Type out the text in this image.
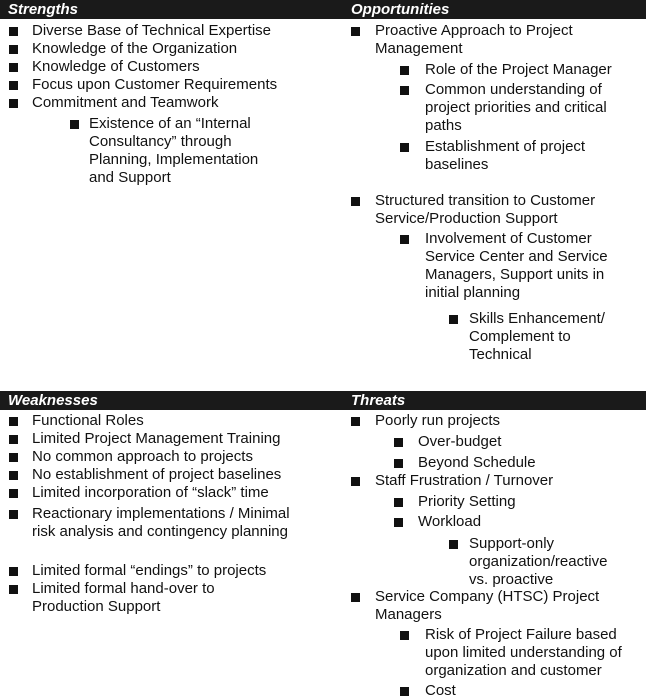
Strengths	Opportunities
Weaknesses	Threats
Diverse Base of Technical Expertise
Knowledge of the Organization
Knowledge of Customers
Focus upon Customer Requirements
Commitment and Teamwork
Existence of an “Internal Consultancy” through Planning, Implementation and Support
Proactive Approach to Project Management
Role of the Project Manager
Common understanding of project priorities and critical paths
Establishment of project baselines
Structured transition to Customer Service/Production Support
Involvement of Customer Service Center and Service Managers, Support units in initial planning
Skills Enhancement/ Complement to Technical
Functional Roles
Limited Project Management Training
No common approach to projects
No establishment of project baselines
Limited incorporation of “slack” time
Reactionary implementations / Minimal risk analysis and contingency planning
Limited formal “endings” to projects
Limited formal hand-over to Production Support
Poorly run projects
Over-budget
Beyond Schedule
Staff Frustration / Turnover
Priority Setting
Workload
Support-only organization/reactive vs. proactive
Service Company (HTSC) Project Managers
Risk of Project Failure based upon limited understanding of organization and customer
Cost
